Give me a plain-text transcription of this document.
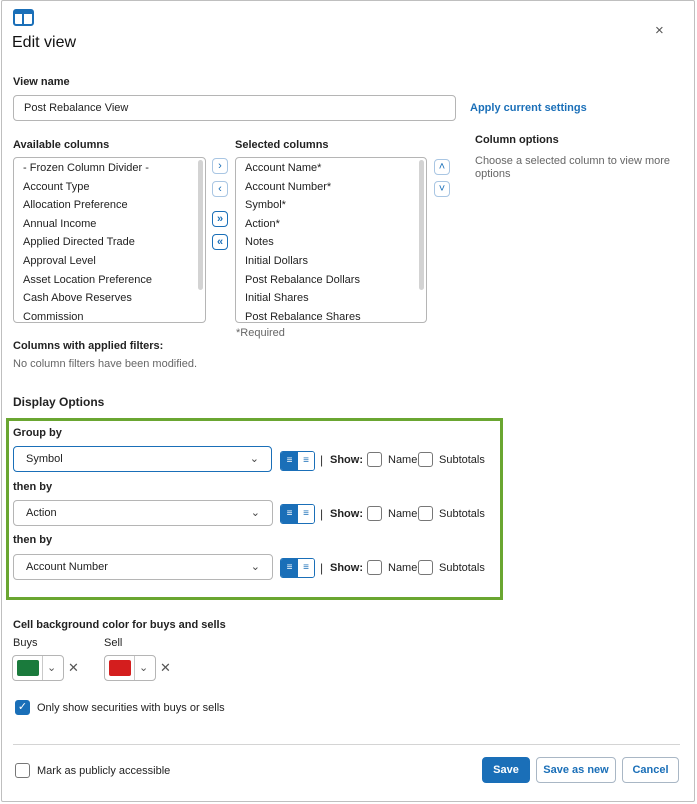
Edit view
×
View name
Post Rebalance View	Apply current settings
Available columns
- Frozen Column Divider -
Account Type
Allocation Preference
Annual Income
Applied Directed Trade
Approval Level
Asset Location Preference
Cash Above Reserves
Commission
›
‹
»
«
Selected columns
Account Name*
Account Number*
Symbol*
Action*
Notes
Initial Dollars
Post Rebalance Dollars
Initial Shares
Post Rebalance Shares
*Required
˄
˅
Column options
Choose a selected column to view more options
Columns with applied filters:
No column filters have been modified.
Display Options
Group by
Symbol	⌄	≡	≡ | Show: Name Subtotals
then by
Action	⌄	≡	≡ | Show: Name Subtotals
then by
Account Number	⌄	≡	≡ | Show: Name Subtotals
Cell background color for buys and sells
Buys	Sell
⌄ ✕	⌄ ✕
✓ Only show securities with buys or sells
Mark as publicly accessible	Save	Save as new	Cancel
